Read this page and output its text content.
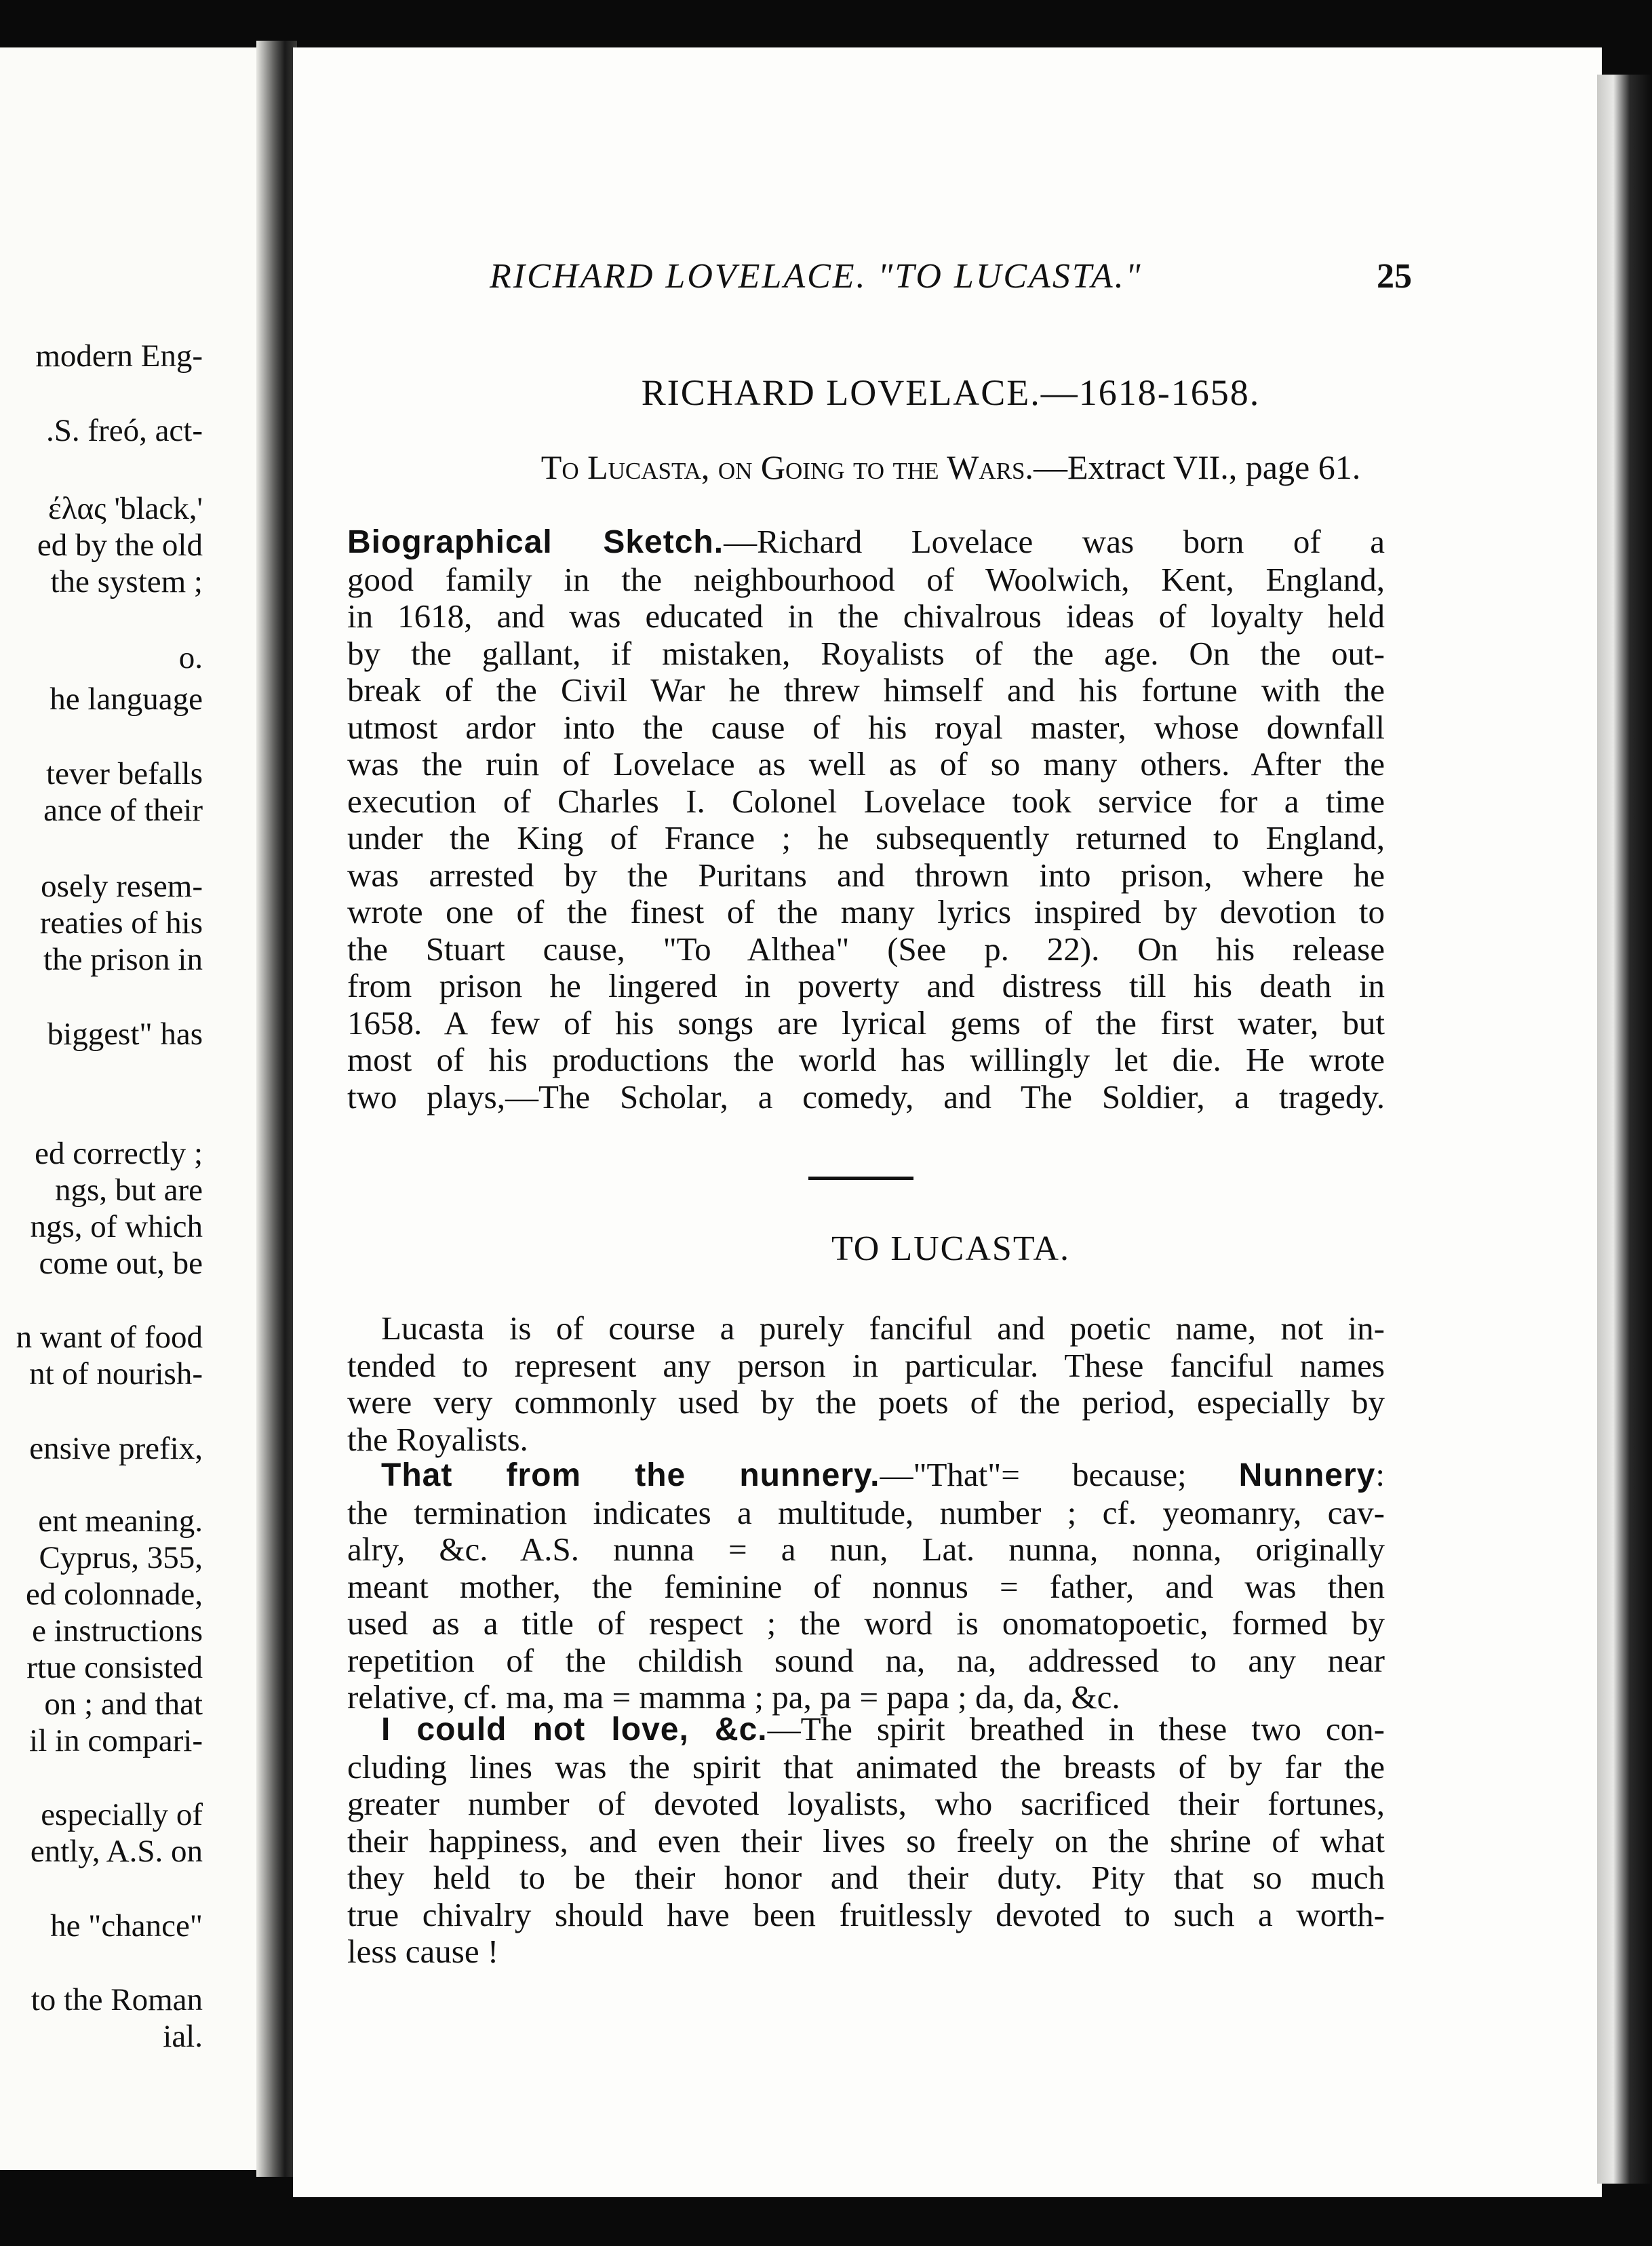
modern Eng-
.S. freó, act-
έλας 'black,'
ed by the old
the system ;
o.
he language
tever befalls
ance of their
osely resem-
reaties of his
the prison in
biggest" has
ed correctly ;
ngs, but are
ngs, of which
come out, be
n want of food
nt of nourish-
ensive prefix,
ent meaning.
Cyprus, 355,
ed colonnade,
e instructions
rtue consisted
on ; and that
il in compari-
especially of
ently, A.S. on
he "chance"
to the Roman
ial.
RICHARD LOVELACE. "TO LUCASTA."	25
RICHARD LOVELACE.—1618-1658.
To Lucasta, on Going to the Wars.—Extract VII., page 61.
Biographical Sketch.—Richard Lovelace was born of a
good family in the neighbourhood of Woolwich, Kent, England,
in 1618, and was educated in the chivalrous ideas of loyalty held
by the gallant, if mistaken, Royalists of the age. On the out-
break of the Civil War he threw himself and his fortune with the
utmost ardor into the cause of his royal master, whose downfall
was the ruin of Lovelace as well as of so many others. After the
execution of Charles I. Colonel Lovelace took service for a time
under the King of France ; he subsequently returned to England,
was arrested by the Puritans and thrown into prison, where he
wrote one of the finest of the many lyrics inspired by devotion to
the Stuart cause, "To Althea" (See p. 22). On his release
from prison he lingered in poverty and distress till his death in
1658. A few of his songs are lyrical gems of the first water, but
most of his productions the world has willingly let die. He wrote
two plays,—The Scholar, a comedy, and The Soldier, a tragedy.
TO LUCASTA.
Lucasta is of course a purely fanciful and poetic name, not in-
tended to represent any person in particular. These fanciful names
were very commonly used by the poets of the period, especially by
the Royalists.
That from the nunnery.—"That"= because; Nunnery:
the termination indicates a multitude, number ; cf. yeomanry, cav-
alry, &c. A.S. nunna = a nun, Lat. nunna, nonna, originally
meant mother, the feminine of nonnus = father, and was then
used as a title of respect ; the word is onomatopoetic, formed by
repetition of the childish sound na, na, addressed to any near
relative, cf. ma, ma = mamma ; pa, pa = papa ; da, da, &c.
I could not love, &c.—The spirit breathed in these two con-
cluding lines was the spirit that animated the breasts of by far the
greater number of devoted loyalists, who sacrificed their fortunes,
their happiness, and even their lives so freely on the shrine of what
they held to be their honor and their duty. Pity that so much
true chivalry should have been fruitlessly devoted to such a worth-
less cause !
